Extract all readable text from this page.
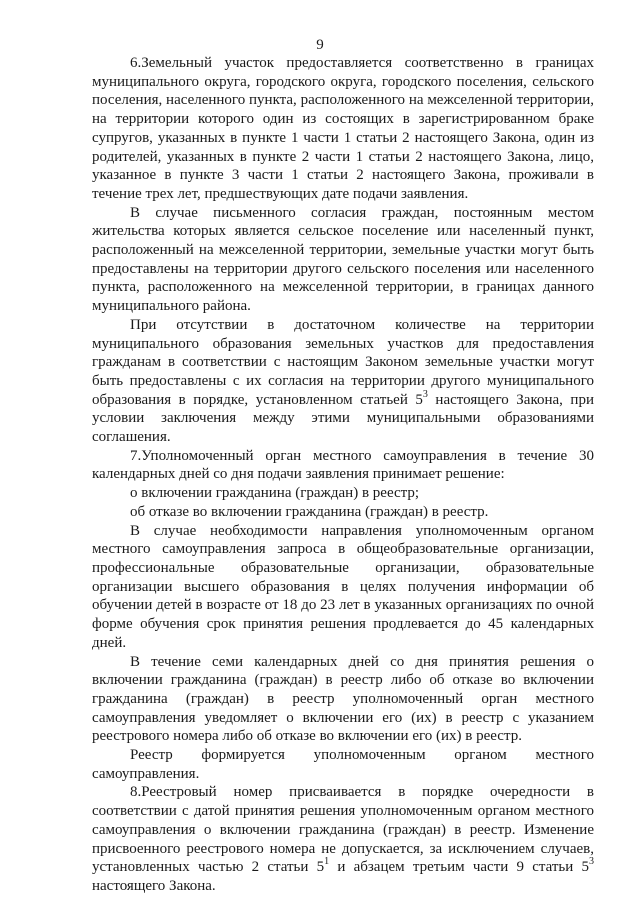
9

6.Земельный участок предоставляется соответственно в границах муниципального округа, городского округа, городского поселения, сельского поселения, населенного пункта, расположенного на межселенной территории, на территории которого один из состоящих в зарегистрированном браке супругов, указанных в пункте 1 части 1 статьи 2 настоящего Закона, один из родителей, указанных в пункте 2 части 1 статьи 2 настоящего Закона, лицо, указанное в пункте 3 части 1 статьи 2 настоящего Закона, проживали в течение трех лет, предшествующих дате подачи заявления.

В случае письменного согласия граждан, постоянным местом жительства которых является сельское поселение или населенный пункт, расположенный на межселенной территории, земельные участки могут быть предоставлены на территории другого сельского поселения или населенного пункта, расположенного на межселенной территории, в границах данного муниципального района.

При отсутствии в достаточном количестве на территории муниципального образования земельных участков для предоставления гражданам в соответствии с настоящим Законом земельные участки могут быть предоставлены с их согласия на территории другого муниципального образования в порядке, установленном статьей $5^3$ настоящего Закона, при условии заключения между этими муниципальными образованиями соглашения.

7.Уполномоченный орган местного самоуправления в течение 30 календарных дней со дня подачи заявления принимает решение:

о включении гражданина (граждан) в реестр;

об отказе во включении гражданина (граждан) в реестр.

В случае необходимости направления уполномоченным органом местного самоуправления запроса в общеобразовательные организации, профессиональные образовательные организации, образовательные организации высшего образования в целях получения информации об обучении детей в возрасте от 18 до 23 лет в указанных организациях по очной форме обучения срок принятия решения продлевается до 45 календарных дней.

В течение семи календарных дней со дня принятия решения о включении гражданина (граждан) в реестр либо об отказе во включении гражданина (граждан) в реестр уполномоченный орган местного самоуправления уведомляет о включении его (их) в реестр с указанием реестрового номера либо об отказе во включении его (их) в реестр.

Реестр формируется уполномоченным органом местного самоуправления.

8.Реестровый номер присваивается в порядке очередности в соответствии с датой принятия решения уполномоченным органом местного самоуправления о включении гражданина (граждан) в реестр. Изменение присвоенного реестрового номера не допускается, за исключением случаев, установленных частью 2 статьи $5^1$ и абзацем третьим части 9 статьи $5^3$ настоящего Закона.
